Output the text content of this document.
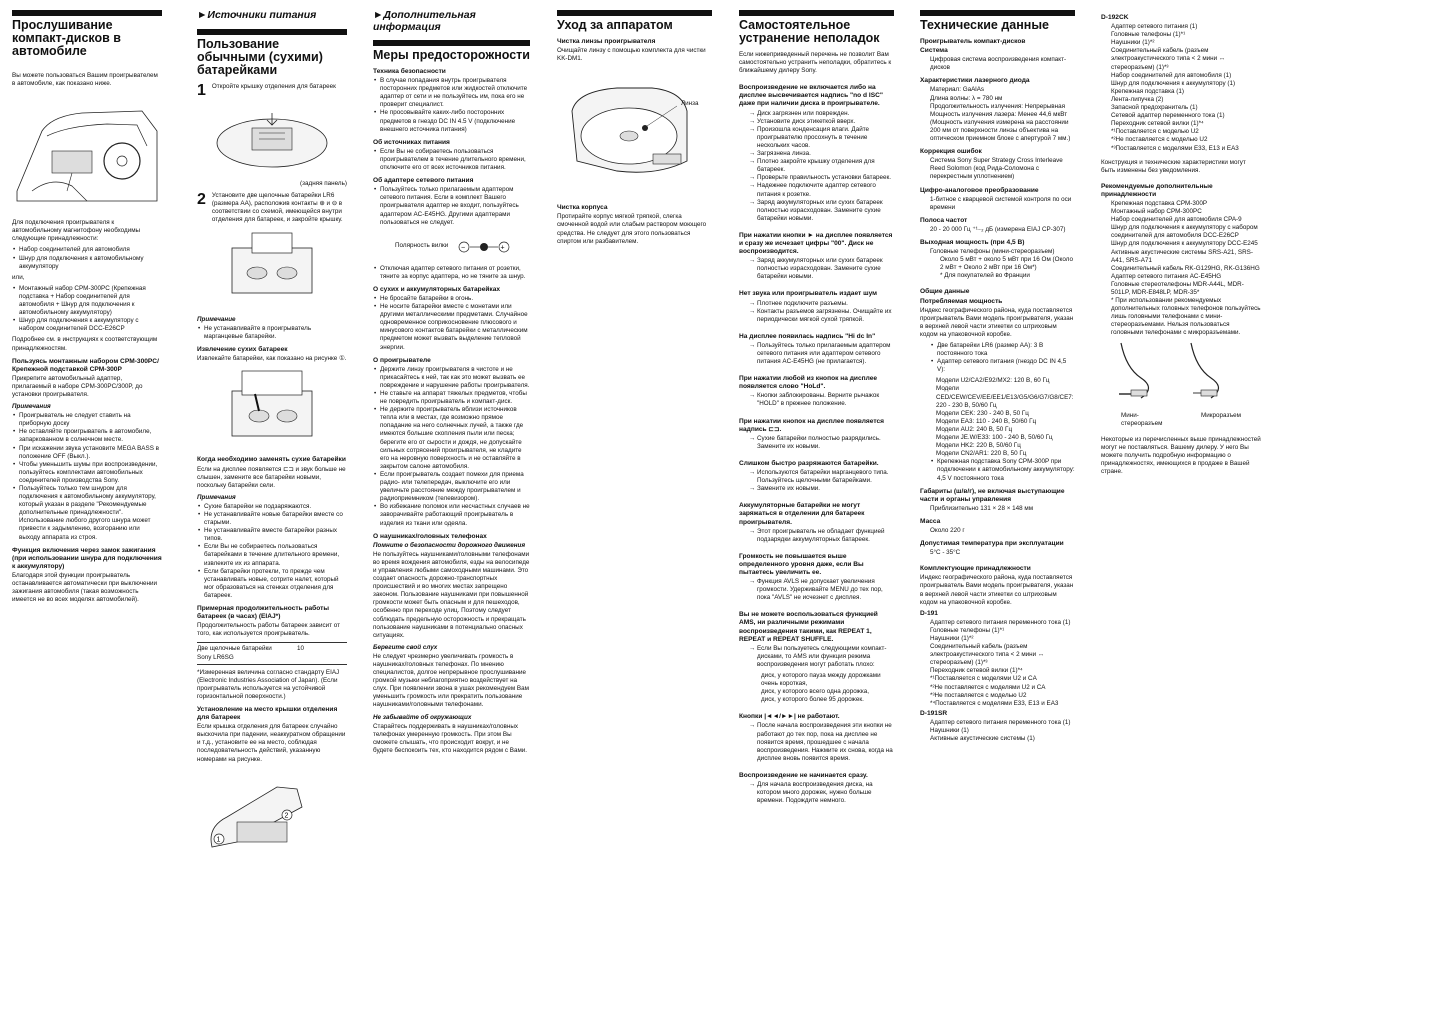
Прослушивание компакт-дисков в автомобиле

Вы можете пользоваться Вашим проигрывателем в автомобиле, как показано ниже.

Для подключения проигрывателя к автомобильному магнитофону необходимы следующие принадлежности:

• Набор соединителей для автомобиля
• Шнур для подключения к автомобильному аккумулятору

или,

• Монтажный набор CPM-300PC (Крепежная подставка + Набор соединителей для автомобиля + Шнур для подключения к автомобильному аккумулятору)
• Шнур для подключения к аккумулятору с набором соединителей DCC-E26CP

Подробнее см. в инструкциях к соответствующим принадлежностям.

Пользуясь монтажным набором CPM-300PC/Крепежной подставкой CPM-300P

Прикрепите автомобильный адаптер, прилагаемый в наборе CPM-300PC/300P, до установки проигрывателя.

Примечания
• Проигрыватель не следует ставить на приборную доску
• Не оставляйте проигрыватель в автомобиле, запаркованном в солнечном месте.
• При искажении звука установите MEGA BASS в положение OFF (Выкл.).
• Чтобы уменьшить шумы при воспроизведении, пользуйтесь комплектами автомобильных соединителей производства Sony.
• Пользуйтесь только тем шнуром для подключения к автомобильному аккумулятору, который указан в разделе "Рекомендуемые дополнительные принадлежности". Использование любого другого шнура может привести к задымлению, возгоранию или выходу аппарата из строя.
Функция включения через замок зажигания (при использовании шнура для подключения к аккумулятору)

Благодаря этой функции проигрыватель останавливается автоматически при выключении зажигания автомобиля (такая возможность имеется не во всех моделях автомобилей).

►Источники питания
Пользование обычными (сухими) батарейками
1 Откройте крышку отделения для батареек
(задняя панель)
2 Установите две щелочные батарейки LR6 (размера AA), расположив контакты ⊕ и ⊖ в соответствии со схемой, имеющейся внутри отделения для батареек, и закройте крышку.
Примечание
• Не устанавливайте в проигрыватель марганцевые батарейки.
Извлечение сухих батареек

Извлекайте батарейки, как показано на рисунке ①.

Когда необходимо заменять сухие батарейки

Если на дисплее появляется ⊏⊐ и звук больше не слышен, замените все батарейки новыми, поскольку батарейки сели.

Примечания
• Сухие батарейки не подзаряжаются.
• Не устанавливайте новые батарейки вместе со старыми.
• Не устанавливайте вместе батарейки разных типов.
• Если Вы не собираетесь пользоваться батарейками в течение длительного времени, извлеките их из аппарата.
• Если батарейки протекли, то прежде чем устанавливать новые, сотрите налет, который мог образоваться на стенках отделения для батареек.
Примерная продолжительность работы батареек (в часах) (EIAJ*)

Продолжительность работы батареек зависит от того, как используется проигрыватель.

Две щелочные батарейки Sony LR6SG
10

*Измеренная величина согласно стандарту EIAJ (Electronic Industries Association of Japan). (Если проигрыватель используется на устойчивой горизонтальной поверхности.)

Установление на место крышки отделения для батареек

Если крышка отделения для батареек случайно выскочила при падении, неаккуратном обращении и т.д., установите ее на место, соблюдая последовательность действий, указанную номерами на рисунке.

1
2
►Дополнительная информация
Меры предосторожности
Техника безопасности
• В случае попадания внутрь проигрывателя посторонних предметов или жидкостей отключите адаптер от сети и не пользуйтесь им, пока его не проверит специалист.
• Не просовывайте каких-либо посторонних предметов в гнездо DC IN 4.5 V (подключение внешнего источника питания)
Об источниках питания
• Если Вы не собираетесь пользоваться проигрывателем в течение длительного времени, отключите его от всех источников питания.
Об адаптере сетевого питания
• Пользуйтесь только прилагаемым адаптером сетевого питания. Если в комплект Вашего проигрывателя адаптер не входит, пользуйтесь адаптером AC-E45HG. Другими адаптерами пользоваться не следует.
Полярность вилки −	+
• Отключая адаптер сетевого питания от розетки, тяните за корпус адаптера, но не тяните за шнур.
О сухих и аккумуляторных батарейках
• Не бросайте батарейки в огонь.
• Не носите батарейки вместе с монетами или другими металлическими предметами. Случайное одновременное соприкосновение плюсового и минусового контактов батарейки с металлическим предметом может вызвать выделение тепловой энергии.
О проигрывателе
• Держите линзу проигрывателя в чистоте и не прикасайтесь к ней, так как это может вызвать ее повреждение и нарушение работы проигрывателя.
• Не ставьте на аппарат тяжелых предметов, чтобы не повредить проигрыватель и компакт-диск.
• Не держите проигрыватель вблизи источников тепла или в местах, где возможно прямое попадание на него солнечных лучей, а также где имеются большие скопления пыли или песка; берегите его от сырости и дождя, не допускайте сильных сотрясений проигрывателя, не кладите его на неровную поверхность и не оставляйте в закрытом салоне автомобиля.
• Если проигрыватель создает помехи для приема радио- или телепередач, выключите его или увеличьте расстояние между проигрывателем и радиоприемником (телевизором).
• Во избежание поломок или несчастных случаев не заворачивайте работающий проигрыватель в изделия из ткани или одеяла.
О наушниках/головных телефонах
Помните о безопасности дорожного движения

Не пользуйтесь наушниками/головными телефонами во время вождения автомобиля, езды на велосипеде и управления любыми самоходными машинами. Это создает опасность дорожно-транспортных происшествий и во многих местах запрещено законом. Пользование наушниками при повышенной громкости может быть опасным и для пешеходов, особенно при переходе улиц. Поэтому следует соблюдать предельную осторожность и прекращать пользование наушниками в потенциально опасных ситуациях.

Берегите свой слух

Не следует чрезмерно увеличивать громкость в наушниках/головных телефонах. По мнению специалистов, долгое непрерывное прослушивание громкой музыки неблагоприятно воздействует на слух. При появлении звона в ушах рекомендуем Вам уменьшить громкость или прекратить пользование наушниками/головными телефонами.

Не забывайте об окружающих

Старайтесь поддерживать в наушниках/головных телефонах умеренную громкость. При этом Вы сможете слышать, что происходит вокруг, и не будете беспокоить тех, кто находится рядом с Вами.

Уход за аппаратом
Чистка линзы проигрывателя

Очищайте линзу с помощью комплекта для чистки KK-DM1.

Линза
Чистка корпуса

Протирайте корпус мягкой тряпкой, слегка смоченной водой или слабым раствором моющего средства. Не следует для этого пользоваться спиртом или разбавителем.

Самостоятельное устранение неполадок

Если нижеприведенный перечень не позволит Вам самостоятельно устранить неполадки, обратитесь к ближайшему дилеру Sony.

Воспроизведение не включается либо на дисплее высвечивается надпись "no d ISC" даже при наличии диска в проигрывателе.
→ Диск загрязнен или поврежден.
→ Установите диск этикеткой вверх.
→ Произошла конденсация влаги. Дайте проигрывателю просохнуть в течение нескольких часов.
→ Загрязнена линза.
→ Плотно закройте крышку отделения для батареек.
→ Проверьте правильность установки батареек.
→ Надежнее подключите адаптер сетевого питания к розетке.
→ Заряд аккумуляторных или сухих батареек полностью израсходован. Замените сухие батарейки новыми.
При нажатии кнопки ► на дисплее появляется и сразу же исчезает цифры "00". Диск не воспроизводится.
→ Заряд аккумуляторных или сухих батареек полностью израсходован. Замените сухие батарейки новыми.
Нет звука или проигрыватель издает шум
→ Плотнее подключите разъемы.
→ Контакты разъемов загрязнены. Очищайте их периодически мягкой сухой тряпкой.
На дисплее появилась надпись "Hi dc In"
→ Пользуйтесь только прилагаемым адаптером сетевого питания или адаптером сетевого питания AC-E45HG (не прилагается).
При нажатии любой из кнопок на дисплее появляется слово "HoLd".
→ Кнопки заблокированы. Верните рычажок "HOLD" в прежнее положение.
При нажатии кнопок на дисплее появляется надпись ⊏⊐.
→ Сухие батарейки полностью разрядились. Замените их новыми.
Слишком быстро разряжаются батарейки.
→ Используются батарейки марганцевого типа. Пользуйтесь щелочными батарейками.
→ Замените их новыми.
Аккумуляторные батарейки не могут заряжаться в отделении для батареек проигрывателя.
→ Этот проигрыватель не обладает функцией подзарядки аккумуляторных батареек.
Громкость не повышается выше определенного уровня даже, если Вы пытаетесь увеличить ее.
→ Функция AVLS не допускает увеличения громкости. Удерживайте MENU до тех пор, пока "AVLS" не исчезнет с дисплея.
Вы не можете воспользоваться функцией AMS, ни различными режимами воспроизведения такими, как REPEAT 1, REPEAT и REPEAT SHUFFLE.
→ Если Вы пользуетесь следующими компакт-дисками, то AMS или функция режима воспроизведения могут работать плохо:
диск, у которого пауза между дорожками очень короткая,
диск, у которого всего одна дорожка,
диск, у которого более 95 дорожек.
Кнопки |◄◄/►►| не работают.
→ После начала воспроизведения эти кнопки не работают до тех пор, пока на дисплее не появится время, прошедшее с начала воспроизведения. Нажмите их снова, когда на дисплее вновь появится время.
Воспроизведение не начинается сразу.
→ Для начала воспроизведения диска, на котором много дорожек, нужно больше времени. Подождите немного.
Технические данные
Проигрыватель компакт-дисков
Система

Цифровая система воспроизведения компакт-дисков

Характеристики лазерного диода
Материал: GaAlAs
Длина волны: λ = 780 нм
Продолжительность излучения: Непрерывная
Мощность излучения лазера: Менее 44,6 мкВт (Мощность излучения измерена на расстоянии 200 мм от поверхности линзы объектива на оптическом приемном блоке с апертурой 7 мм.)
Коррекция ошибок

Система Sony Super Strategy Cross Interleave Reed Solomon (код Рида-Соломона с перекрестным уплотнением)

Цифро-аналоговое преобразование

1-битное с кварцевой системой контроля по оси времени

Полоса частот

20 - 20 000 Гц ⁺¹₋₂ дБ (измерена EIAJ CP-307)

Выходная мощность (при 4,5 В)
Головные телефоны (мини-стереоразъем)
Около 5 мВт + около 5 мВт при 16 Ом (Около 2 мВт + Около 2 мВт при 16 Ом*)
* Для покупателей во Франции
Общие данные
Потребляемая мощность

Индекс географического района, куда поставляется проигрыватель Вами модель проигрывателя, указан в верхней левой части этикетки со штриховым кодом на упаковочной коробке.

• Две батарейки LR6 (размер AA): 3 В постоянного тока
• Адаптер сетевого питания (гнездо DC IN 4,5 V):
Модели U2/CA2/E92/MX2: 120 В, 60 Гц
Модели CED/CEW/CEV/EE/EE1/E13/G5/G6/G7/G8/CE7: 220 - 230 В, 50/60 Гц
Модели CEK: 230 - 240 В, 50 Гц
Модели EA3: 110 - 240 В, 50/60 Гц
Модели AU2: 240 В, 50 Гц
Модели JE.W/E33: 100 - 240 В, 50/60 Гц
Модели HK2: 220 В, 50/60 Гц
Модели CN2/AR1: 220 В, 50 Гц
• Крепежная подставка Sony CPM-300P при подключении к автомобильному аккумулятору: 4,5 V постоянного тока
Габариты (ш/в/г), не включая выступающие части и органы управления

Приблизительно 131 × 28 × 148 мм

Масса

Около 220 г

Допустимая температура при эксплуатации

5°C - 35°C

Комплектующие принадлежности

Индекс географического района, куда поставляется проигрыватель Вами модель проигрывателя, указан в верхней левой части этикетки со штриховым кодом на упаковочной коробке.

D-191
Адаптер сетевого питания переменного тока (1)
Головные телефоны (1)*¹
Наушники (1)*²
Соединительный кабель (разъем электроакустического типа < 2 мини ↔ стереоразъем) (1)*³
Переходник сетевой вилки (1)*⁴
*¹Поставляется с моделями U2 и CA
*²Не поставляется с моделями U2 и CA
*³Не поставляется с моделью U2
*⁴Поставляется с моделями E33, E13 и EA3
D-191SR
Адаптер сетевого питания переменного тока (1)
Наушники (1)
Активные акустические системы (1)
D-192CK
Адаптер сетевого питания (1)
Головные телефоны (1)*¹
Наушники (1)*²
Соединительный кабель (разъем электроакустического типа < 2 мини ↔ стереоразъем) (1)*³
Набор соединителей для автомобиля (1)
Шнур для подключения к аккумулятору (1)
Крепежная подставка (1)
Лента-липучка (2)
Запасной предохранитель (1)
Сетевой адаптер переменного тока (1)
Переходник сетевой вилки (1)*⁴
*¹Поставляется с моделью U2
*²Не поставляется с моделью U2
*³Поставляется с моделями E33, E13 и EA3

Конструкция и технические характеристики могут быть изменены без уведомления.

Рекомендуемые дополнительные принадлежности
Крепежная подставка CPM-300P
Монтажный набор CPM-300PC
Набор соединителей для автомобиля CPA-9
Шнур для подключения к аккумулятору с набором соединителей для автомобиля DCC-E26CP
Шнур для подключения к аккумулятору DCC-E245
Активные акустические системы SRS-A21, SRS-A41, SRS-A71
Соединительный кабель RK-G129HG, RK-G136HG
Адаптер сетевого питания AC-E45HG
Головные стереотелефоны MDR-A44L, MDR-501LP, MDR-E848LP, MDR-35*
* При использовании рекомендуемых дополнительных головных телефонов пользуйтесь лишь головными телефонами с мини-стереоразъемами. Нельзя пользоваться головными телефонами с микроразъемами.
Мини-стереоразъем
Микроразъем

Некоторые из перечисленных выше принадлежностей могут не поставляться. Вашему дилеру. У него Вы можете получить подробную информацию о принадлежностях, имеющихся в продаже в Вашей стране.
